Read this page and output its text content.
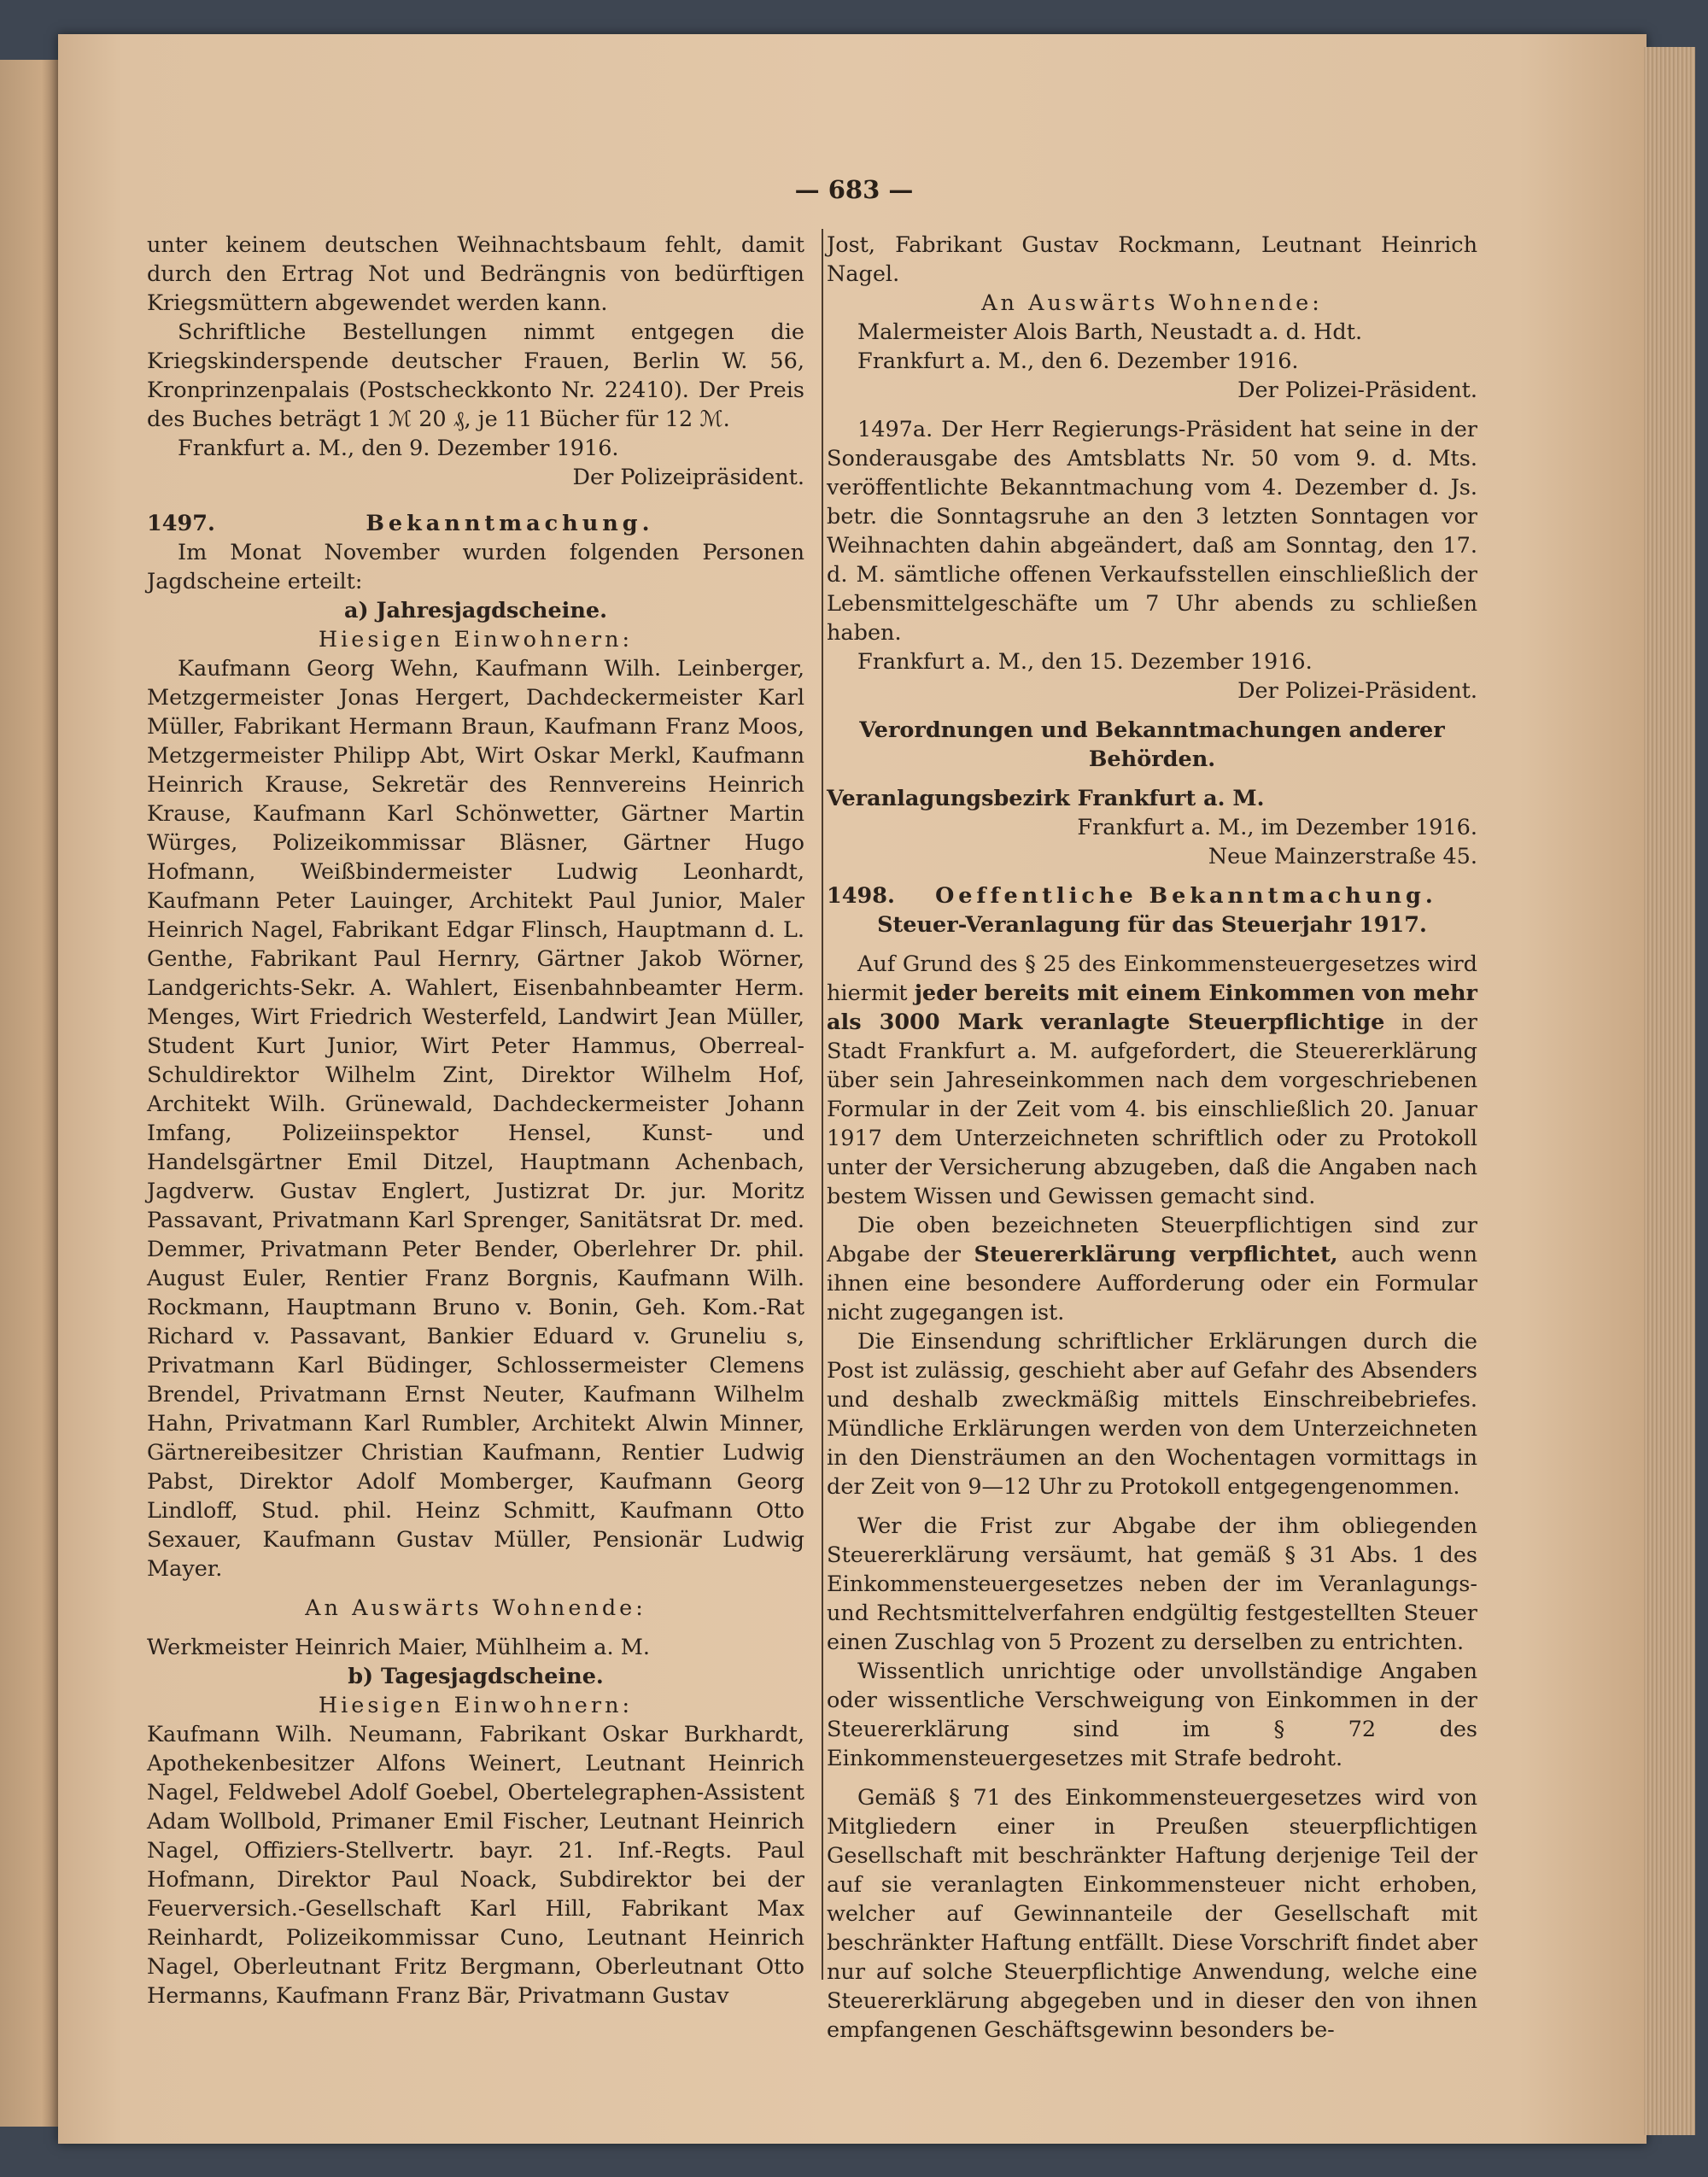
— 683 —

unter keinem deutschen Weihnachtsbaum fehlt, damit durch den Ertrag Not und Bedrängnis von bedürftigen Kriegsmüttern abgewendet werden kann.

Schriftliche Bestellungen nimmt entgegen die Kriegskinderspende deutscher Frauen, Berlin W. 56, Kronprinzenpalais (Postscheckkonto Nr. 22410). Der Preis des Buches beträgt 1 ℳ 20 ₰, je 11 Bücher für 12 ℳ.

Frankfurt a. M., den 9. Dezember 1916.

Der Polizeipräsident.

1497.	Bekanntmachung.

Im Monat November wurden folgenden Personen Jagdscheine erteilt:

a) Jahresjagdscheine.

Hiesigen Einwohnern:

Kaufmann Georg Wehn, Kaufmann Wilh. Leinberger, Metzgermeister Jonas Hergert, Dachdeckermeister Karl Müller, Fabrikant Hermann Braun, Kaufmann Franz Moos, Metzgermeister Philipp Abt, Wirt Oskar Merkl, Kaufmann Heinrich Krause, Sekretär des Rennvereins Heinrich Krause, Kaufmann Karl Schönwetter, Gärtner Martin Würges, Polizeikommissar Bläsner, Gärtner Hugo Hofmann, Weißbindermeister Ludwig Leonhardt, Kaufmann Peter Lauinger, Architekt Paul Junior, Maler Heinrich Nagel, Fabrikant Edgar Flinsch, Hauptmann d. L. Genthe, Fabrikant Paul Hernry, Gärtner Jakob Wörner, Landgerichts-Sekr. A. Wahlert, Eisenbahnbeamter Herm. Menges, Wirt Friedrich Westerfeld, Landwirt Jean Müller, Student Kurt Junior, Wirt Peter Hammus, Oberreal-Schuldirektor Wilhelm Zint, Direktor Wilhelm Hof, Architekt Wilh. Grünewald, Dachdeckermeister Johann Imfang, Polizeiinspektor Hensel, Kunst- und Handelsgärtner Emil Ditzel, Hauptmann Achenbach, Jagdverw. Gustav Englert, Justizrat Dr. jur. Moritz Passavant, Privatmann Karl Sprenger, Sanitätsrat Dr. med. Demmer, Privatmann Peter Bender, Oberlehrer Dr. phil. August Euler, Rentier Franz Borgnis, Kaufmann Wilh. Rockmann, Hauptmann Bruno v. Bonin, Geh. Kom.-Rat Richard v. Passavant, Bankier Eduard v. Gruneliu s, Privatmann Karl Büdinger, Schlossermeister Clemens Brendel, Privatmann Ernst Neuter, Kaufmann Wilhelm Hahn, Privatmann Karl Rumbler, Architekt Alwin Minner, Gärtnereibesitzer Christian Kaufmann, Rentier Ludwig Pabst, Direktor Adolf Momberger, Kaufmann Georg Lindloff, Stud. phil. Heinz Schmitt, Kaufmann Otto Sexauer, Kaufmann Gustav Müller, Pensionär Ludwig Mayer.

An Auswärts Wohnende:

Werkmeister Heinrich Maier, Mühlheim a. M.

b) Tagesjagdscheine.

Hiesigen Einwohnern:

Kaufmann Wilh. Neumann, Fabrikant Oskar Burkhardt, Apothekenbesitzer Alfons Weinert, Leutnant Heinrich Nagel, Feldwebel Adolf Goebel, Obertelegraphen-Assistent Adam Wollbold, Primaner Emil Fischer, Leutnant Heinrich Nagel, Offiziers-Stellvertr. bayr. 21. Inf.-Regts. Paul Hofmann, Direktor Paul Noack, Subdirektor bei der Feuerversich.-Gesellschaft Karl Hill, Fabrikant Max Reinhardt, Polizeikommissar Cuno, Leutnant Heinrich Nagel, Oberleutnant Fritz Bergmann, Oberleutnant Otto Hermanns, Kaufmann Franz Bär, Privatmann Gustav

Jost, Fabrikant Gustav Rockmann, Leutnant Heinrich Nagel.

An Auswärts Wohnende:

Malermeister Alois Barth, Neustadt a. d. Hdt.

Frankfurt a. M., den 6. Dezember 1916.

Der Polizei-Präsident.

1497a. Der Herr Regierungs-Präsident hat seine in der Sonderausgabe des Amtsblatts Nr. 50 vom 9. d. Mts. veröffentlichte Bekanntmachung vom 4. Dezember d. Js. betr. die Sonntagsruhe an den 3 letzten Sonntagen vor Weihnachten dahin abgeändert, daß am Sonntag, den 17. d. M. sämtliche offenen Verkaufsstellen einschließlich der Lebensmittelgeschäfte um 7 Uhr abends zu schließen haben.

Frankfurt a. M., den 15. Dezember 1916.

Der Polizei-Präsident.

Verordnungen und Bekanntmachungen anderer

Behörden.

Veranlagungsbezirk Frankfurt a. M.

Frankfurt a. M., im Dezember 1916.

Neue Mainzerstraße 45.

1498.	Oeffentliche Bekanntmachung.

Steuer-Veranlagung für das Steuerjahr 1917.

Auf Grund des § 25 des Einkommensteuergesetzes wird hiermit jeder bereits mit einem Einkommen von mehr als 3000 Mark veranlagte Steuerpflichtige in der Stadt Frankfurt a. M. aufgefordert, die Steuererklärung über sein Jahreseinkommen nach dem vorgeschriebenen Formular in der Zeit vom 4. bis einschließlich 20. Januar 1917 dem Unterzeichneten schriftlich oder zu Protokoll unter der Versicherung abzugeben, daß die Angaben nach bestem Wissen und Gewissen gemacht sind.

Die oben bezeichneten Steuerpflichtigen sind zur Abgabe der Steuererklärung verpflichtet, auch wenn ihnen eine besondere Aufforderung oder ein Formular nicht zugegangen ist.

Die Einsendung schriftlicher Erklärungen durch die Post ist zulässig, geschieht aber auf Gefahr des Absenders und deshalb zweckmäßig mittels Einschreibebriefes. Mündliche Erklärungen werden von dem Unterzeichneten in den Diensträumen an den Wochentagen vormittags in der Zeit von 9—12 Uhr zu Protokoll entgegengenommen.

Wer die Frist zur Abgabe der ihm obliegenden Steuererklärung versäumt, hat gemäß § 31 Abs. 1 des Einkommensteuergesetzes neben der im Veranlagungs- und Rechtsmittelverfahren endgültig festgestellten Steuer einen Zuschlag von 5 Prozent zu derselben zu entrichten.

Wissentlich unrichtige oder unvollständige Angaben oder wissentliche Verschweigung von Einkommen in der Steuererklärung sind im § 72 des Einkommensteuergesetzes mit Strafe bedroht.

Gemäß § 71 des Einkommensteuergesetzes wird von Mitgliedern einer in Preußen steuerpflichtigen Gesellschaft mit beschränkter Haftung derjenige Teil der auf sie veranlagten Einkommensteuer nicht erhoben, welcher auf Gewinnanteile der Gesellschaft mit beschränkter Haftung entfällt. Diese Vorschrift findet aber nur auf solche Steuerpflichtige Anwendung, welche eine Steuererklärung abgegeben und in dieser den von ihnen empfangenen Geschäftsgewinn besonders be-
